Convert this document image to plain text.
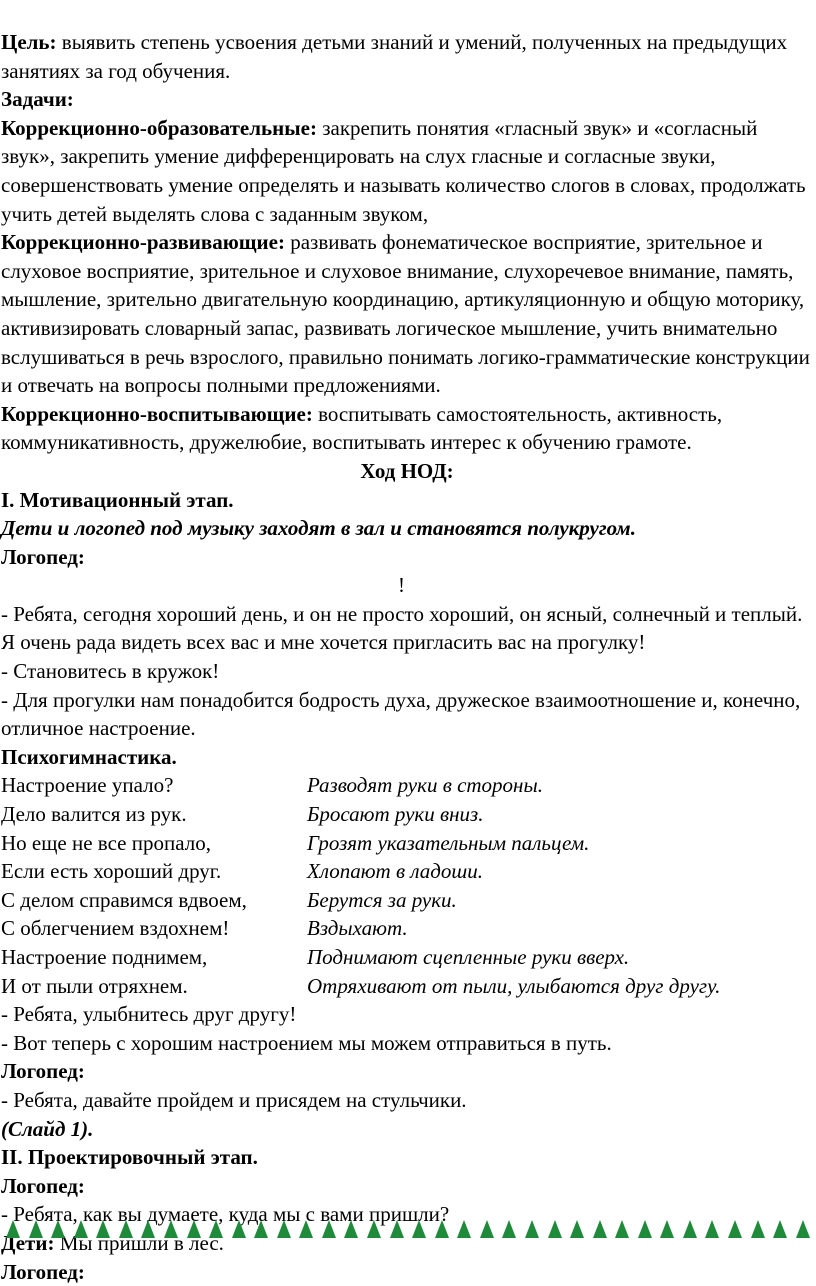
Цель: выявить степень усвоения детьми знаний и умений, полученных на предыдущих занятиях за год обучения.

Задачи:

Коррекционно-образовательные: закрепить понятия «гласный звук» и «согласный звук», закрепить умение дифференцировать на слух гласные и согласные звуки, совершенствовать умение определять и называть количество слогов в словах, продолжать учить детей выделять слова с заданным звуком,

Коррекционно-развивающие: развивать фонематическое восприятие, зрительное и слуховое восприятие, зрительное и слуховое внимание, слухоречевое внимание, память, мышление, зрительно двигательную координацию, артикуляционную и общую моторику, активизировать словарный запас, развивать логическое мышление, учить внимательно вслушиваться в речь взрослого, правильно понимать логико-грамматические конструкции и отвечать на вопросы полными предложениями.

Коррекционно-воспитывающие: воспитывать самостоятельность, активность, коммуникативность, дружелюбие, воспитывать интерес к обучению грамоте.

Ход НОД:

I. Мотивационный этап.

Дети и логопед под музыку заходят в зал и становятся полукругом.

Логопед:

!

- Ребята, сегодня хороший день, и он не просто хороший, он ясный, солнечный и теплый. Я очень рада видеть всех вас и мне хочется пригласить вас на прогулку!

- Становитесь в кружок!

- Для прогулки нам понадобится бодрость духа, дружеское взаимоотношение и, конечно, отличное настроение.

Психогимнастика.

Настроение упало?	Разводят руки в стороны.
Дело валится из рук.	Бросают руки вниз.
Но еще не все пропало,	Грозят указательным пальцем.
Если есть хороший друг.	Хлопают в ладоши.
С делом справимся вдвоем,	Берутся за руки.
С облегчением вздохнем!	Вздыхают.
Настроение поднимем,	Поднимают сцепленные руки вверх.
И от пыли отряхнем.	Отряхивают от пыли, улыбаются друг другу.

- Ребята, улыбнитесь друг другу!

- Вот теперь с хорошим настроением мы можем отправиться в путь.

Логопед:

- Ребята, давайте пройдем и присядем на стульчики.

(Слайд 1).

II. Проектировочный этап.

Логопед:

- Ребята, как вы думаете, куда мы с вами пришли?

Дети: Мы пришли в лес.

Логопед:
